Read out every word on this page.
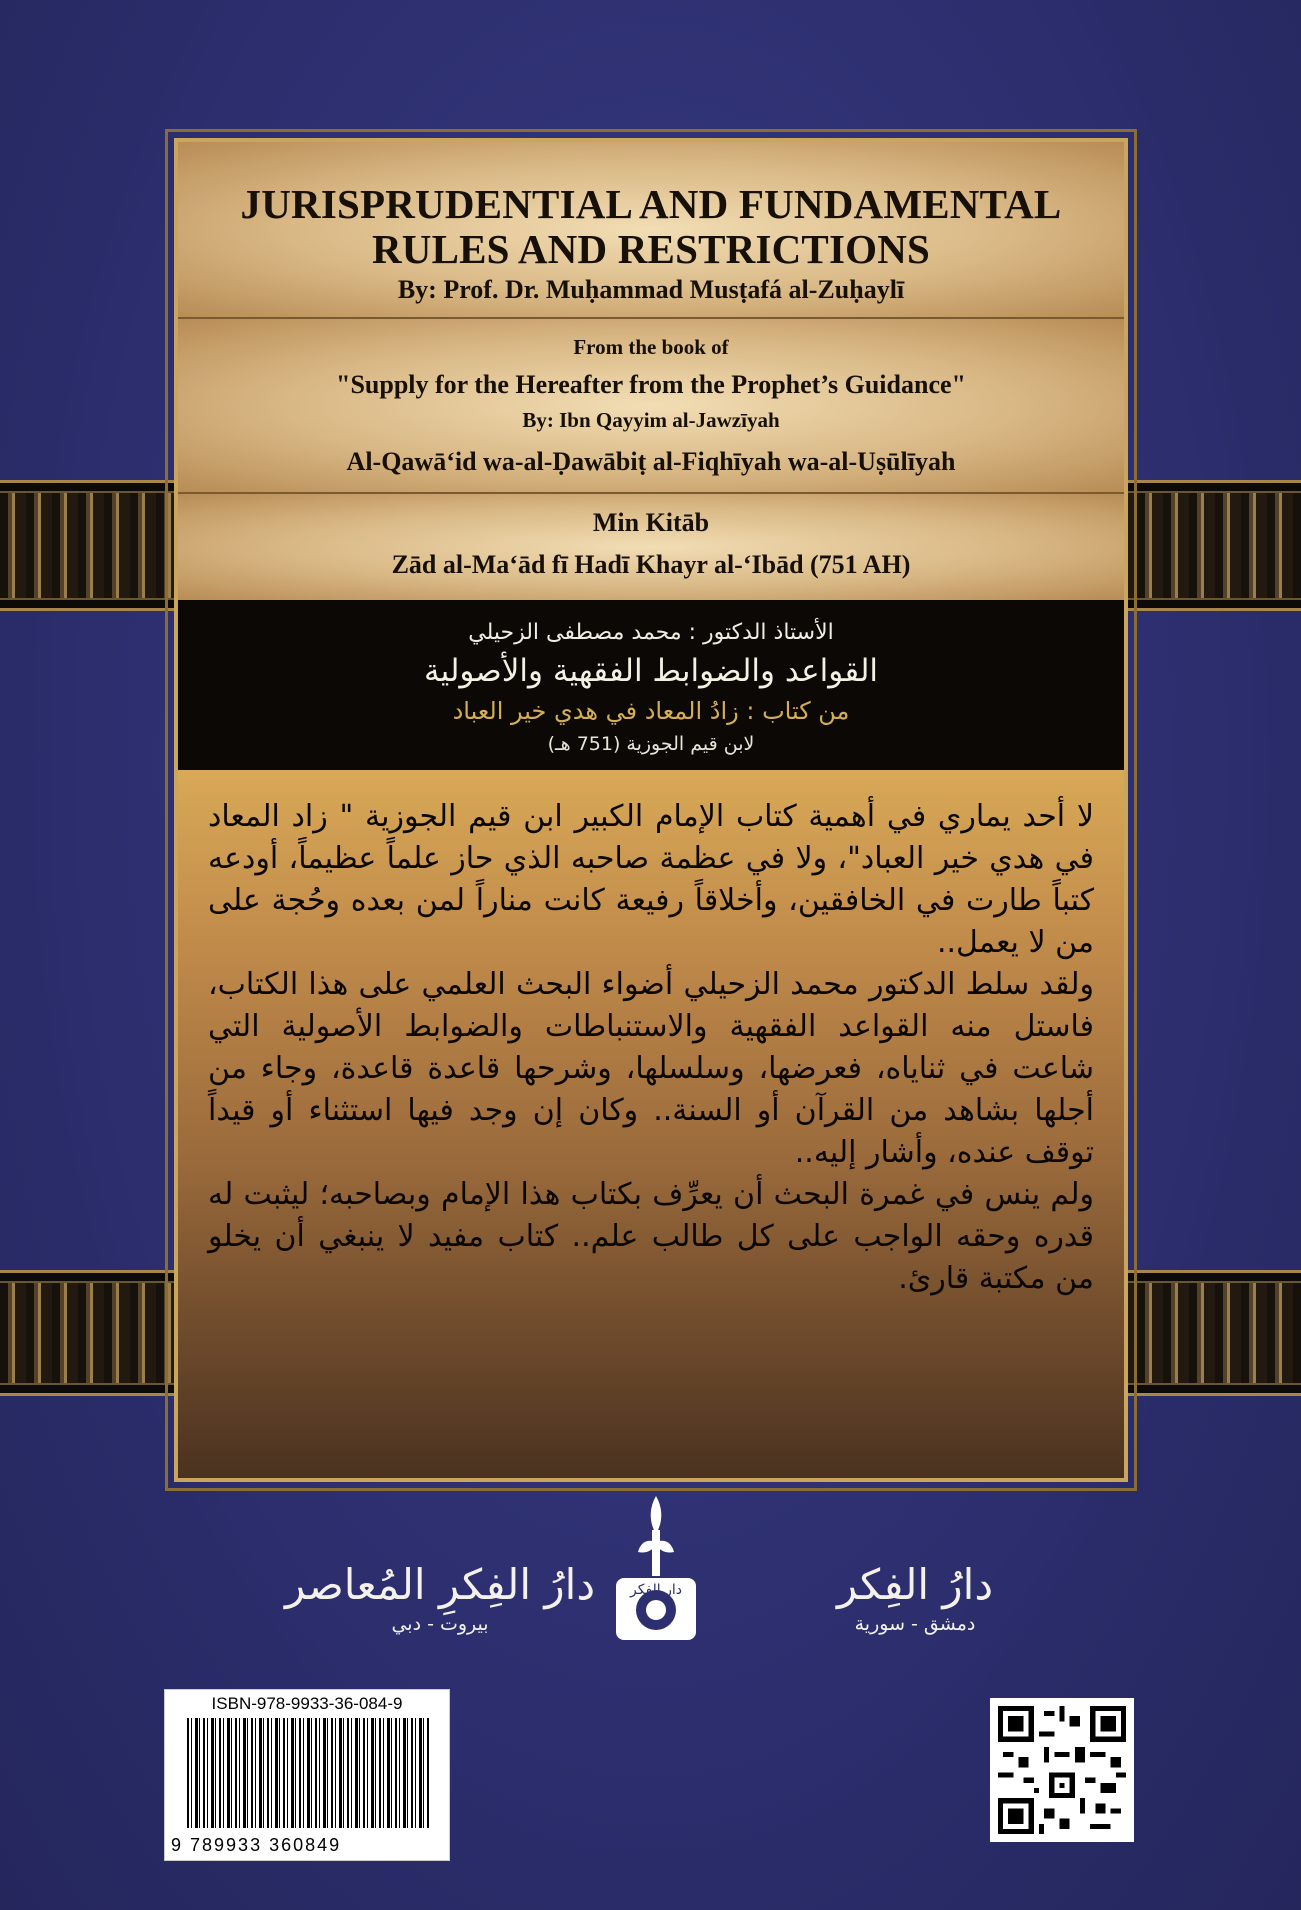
JURISPRUDENTIAL AND FUNDAMENTAL RULES AND RESTRICTIONS
By: Prof. Dr. Muḥammad Musṭafá al-Zuḥaylī
From the book of
"Supply for the Hereafter from the Prophet’s Guidance"
By: Ibn Qayyim al-Jawzīyah
Al-Qawā‘id wa-al-Ḍawābiṭ al-Fiqhīyah wa-al-Uṣūlīyah
Min Kitāb
Zād al-Ma‘ād fī Hadī Khayr al-‘Ibād (751 AH)
الأستاذ الدكتور : محمد مصطفى الزحيلي
القواعد والضوابط الفقهية والأصولية
من كتاب : زادُ المعاد في هدي خير العباد
لابن قيم الجوزية (751 هـ)

لا أحد يماري في أهمية كتاب الإمام الكبير ابن قيم الجوزية " زاد المعاد في هدي خير العباد"، ولا في عظمة صاحبه الذي حاز علماً عظيماً، أودعه كتباً طارت في الخافقين، وأخلاقاً رفيعة كانت مناراً لمن بعده وحُجة على من لا يعمل..

ولقد سلط الدكتور محمد الزحيلي أضواء البحث العلمي على هذا الكتاب، فاستل منه القواعد الفقهية والاستنباطات والضوابط الأصولية التي شاعت في ثناياه، فعرضها، وسلسلها، وشرحها قاعدة قاعدة، وجاء من أجلها بشاهد من القرآن أو السنة.. وكان إن وجد فيها استثناء أو قيداً توقف عنده، وأشار إليه..

ولم ينس في غمرة البحث أن يعرِّف بكتاب هذا الإمام وبصاحبه؛ ليثبت له قدره وحقه الواجب على كل طالب علم.. كتاب مفيد لا ينبغي أن يخلو من مكتبة قارئ.

دارُ الفِكرِ المُعاصر
بيروت - دبي
دار الفكر	دارُ الفِكر
دمشق - سورية
ISBN-978-9933-36-084-9
9 789933 360849
